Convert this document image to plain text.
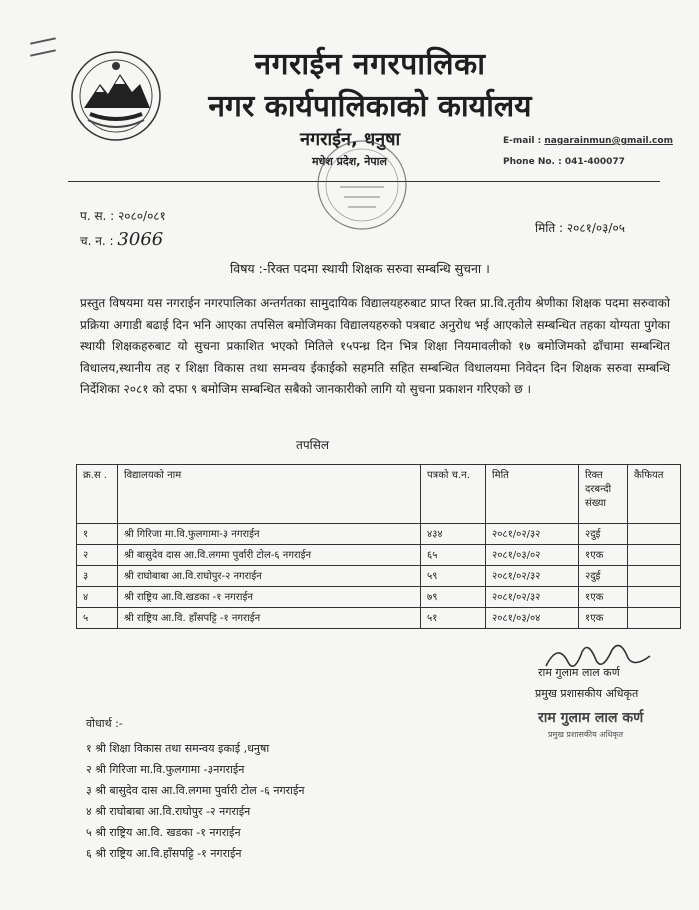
नगराईन नगरपालिका
नगर कार्यपालिकाको कार्यालय
नगराईन, धनुषा
मधेश प्रदेश, नेपाल
E-mail : nagarainmun@gmail.com
Phone No. : 041-400077
प. स. : २०८०/०८१
च. न. : 3066
मिति : २०८१/०३/०५
विषय :-रिक्त पदमा स्थायी शिक्षक सरुवा सम्बन्धि सुचना ।
प्रस्तुत विषयमा यस नगराईन नगरपालिका अन्तर्गतका सामुदायिक विद्यालयहरुबाट प्राप्त रिक्त प्रा.वि.तृतीय श्रेणीका शिक्षक पदमा सरुवाको प्रक्रिया अगाडी बढाई दिन भनि आएका तपसिल बमोजिमका विद्यालयहरुको पत्रबाट अनुरोध भई आएकोले सम्बन्धित तहका योग्यता पुगेका स्थायी शिक्षकहरुबाट यो सुचना प्रकाशित भएको मितिले १५पन्ध्र दिन भित्र शिक्षा नियमावलीको १७ बमोजिमको ढाँचामा सम्बन्धित विधालय,स्थानीय तह र शिक्षा विकास तथा समन्वय ईकाईको सहमति सहित सम्बन्धित विधालयमा निवेदन दिन शिक्षक सरुवा सम्बन्धि निर्देशिका २०८१ को दफा ९ बमोजिम सम्बन्धित सबैको जानकारीको लागि यो सुचना प्रकाशन गरिएको छ ।
तपसिल
क्र.स .	विद्यालयको नाम	पत्रको च.न.	मिति	रिक्त दरबन्दी संख्या	कैफियत
१	श्री गिरिजा मा.वि.फुलगामा-३ नगराईन	४३४	२०८१/०२/३२	२दुई	
२	श्री बासुदेव दास आ.वि.लगमा पुर्वारी टोल-६ नगराईन	६५	२०८१/०३/०२	१एक	
३	श्री राघोबाबा आ.वि.राघोपुर-२ नगराईन	५९	२०८१/०२/३२	२दुई	
४	श्री राष्ट्रिय आ.वि.खडका -१ नगराईन	७९	२०८१/०२/३२	१एक	
५	श्री राष्ट्रिय आ.वि. हाँसपट्टि -१ नगराईन	५१	२०८१/०३/०४	१एक	
राम गुलाम लाल कर्ण
प्रमुख प्रशासकीय अधिकृत
राम गुलाम लाल कर्ण
प्रमुख प्रशासकीय अधिकृत
वोधार्थ :-
१ श्री शिक्षा विकास तथा समन्वय इकाई ,धनुषा
२ श्री गिरिजा मा.वि.फुलगामा -३नगराईन
३ श्री बासुदेव दास आ.वि.लगमा पुर्वारी टोल -६ नगराईन
४ श्री राघोबाबा आ.वि.राघोपुर -२ नगराईन
५ श्री राष्ट्रिय आ.वि. खडका -१ नगराईन
६ श्री राष्ट्रिय आ.वि.हाँसपट्टि -१ नगराईन
